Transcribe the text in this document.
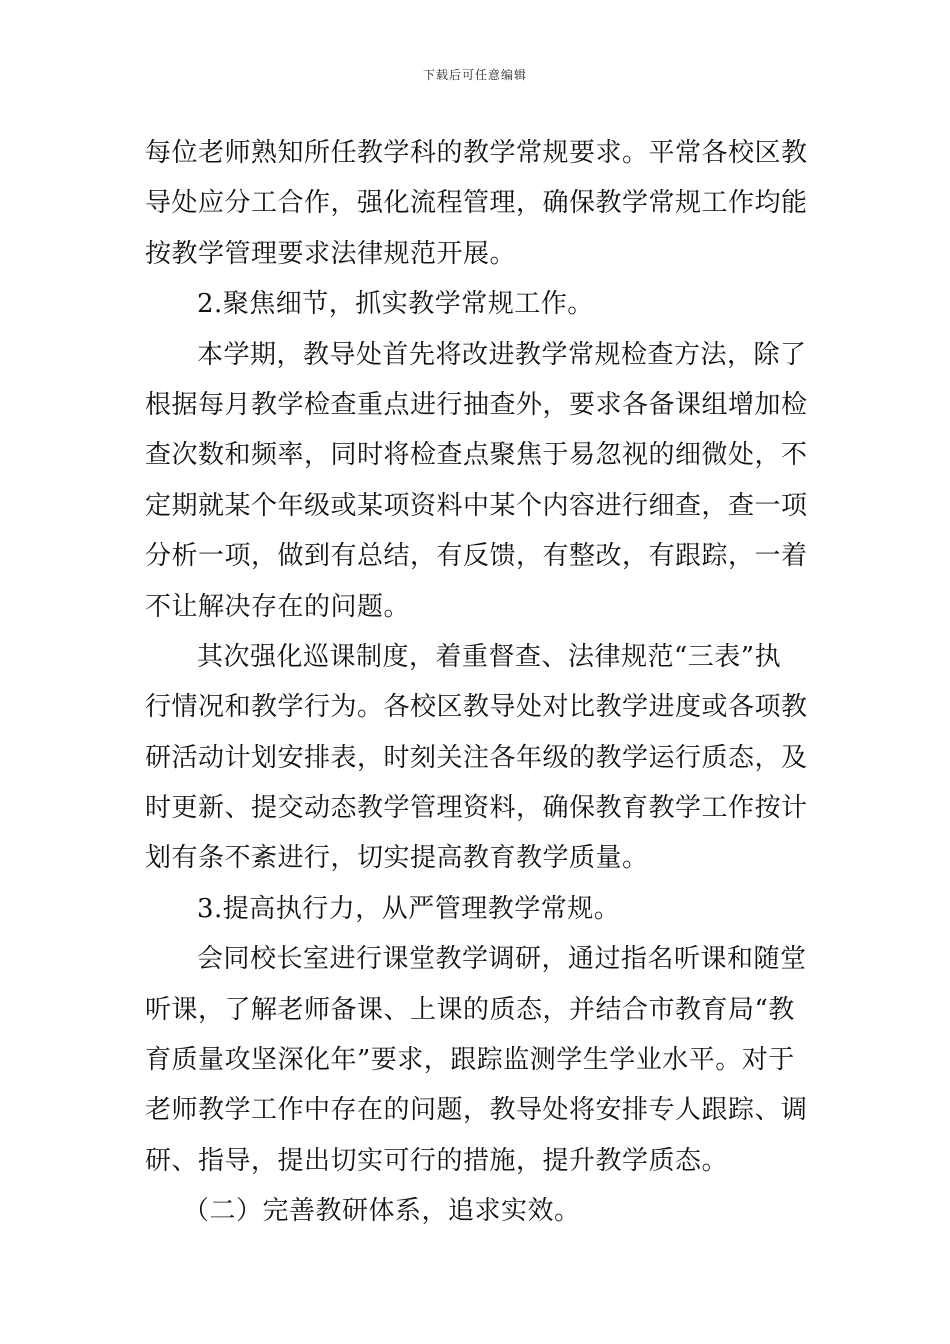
下载后可任意编辑
每位老师熟知所任教学科的教学常规要求。平常各校区教
导处应分工合作，强化流程管理，确保教学常规工作均能
按教学管理要求法律规范开展。
2.聚焦细节，抓实教学常规工作。
本学期，教导处首先将改进教学常规检查方法，除了
根据每月教学检查重点进行抽查外，要求各备课组增加检
查次数和频率，同时将检查点聚焦于易忽视的细微处，不
定期就某个年级或某项资料中某个内容进行细查，查一项
分析一项，做到有总结，有反馈，有整改，有跟踪，一着
不让解决存在的问题。
其次强化巡课制度，着重督查、法律规范“三表”执
行情况和教学行为。各校区教导处对比教学进度或各项教
研活动计划安排表，时刻关注各年级的教学运行质态，及
时更新、提交动态教学管理资料，确保教育教学工作按计
划有条不紊进行，切实提高教育教学质量。
3.提高执行力，从严管理教学常规。
会同校长室进行课堂教学调研，通过指名听课和随堂
听课，了解老师备课、上课的质态，并结合市教育局“教
育质量攻坚深化年”要求，跟踪监测学生学业水平。对于
老师教学工作中存在的问题，教导处将安排专人跟踪、调
研、指导，提出切实可行的措施，提升教学质态。
（二）完善教研体系，追求实效。
